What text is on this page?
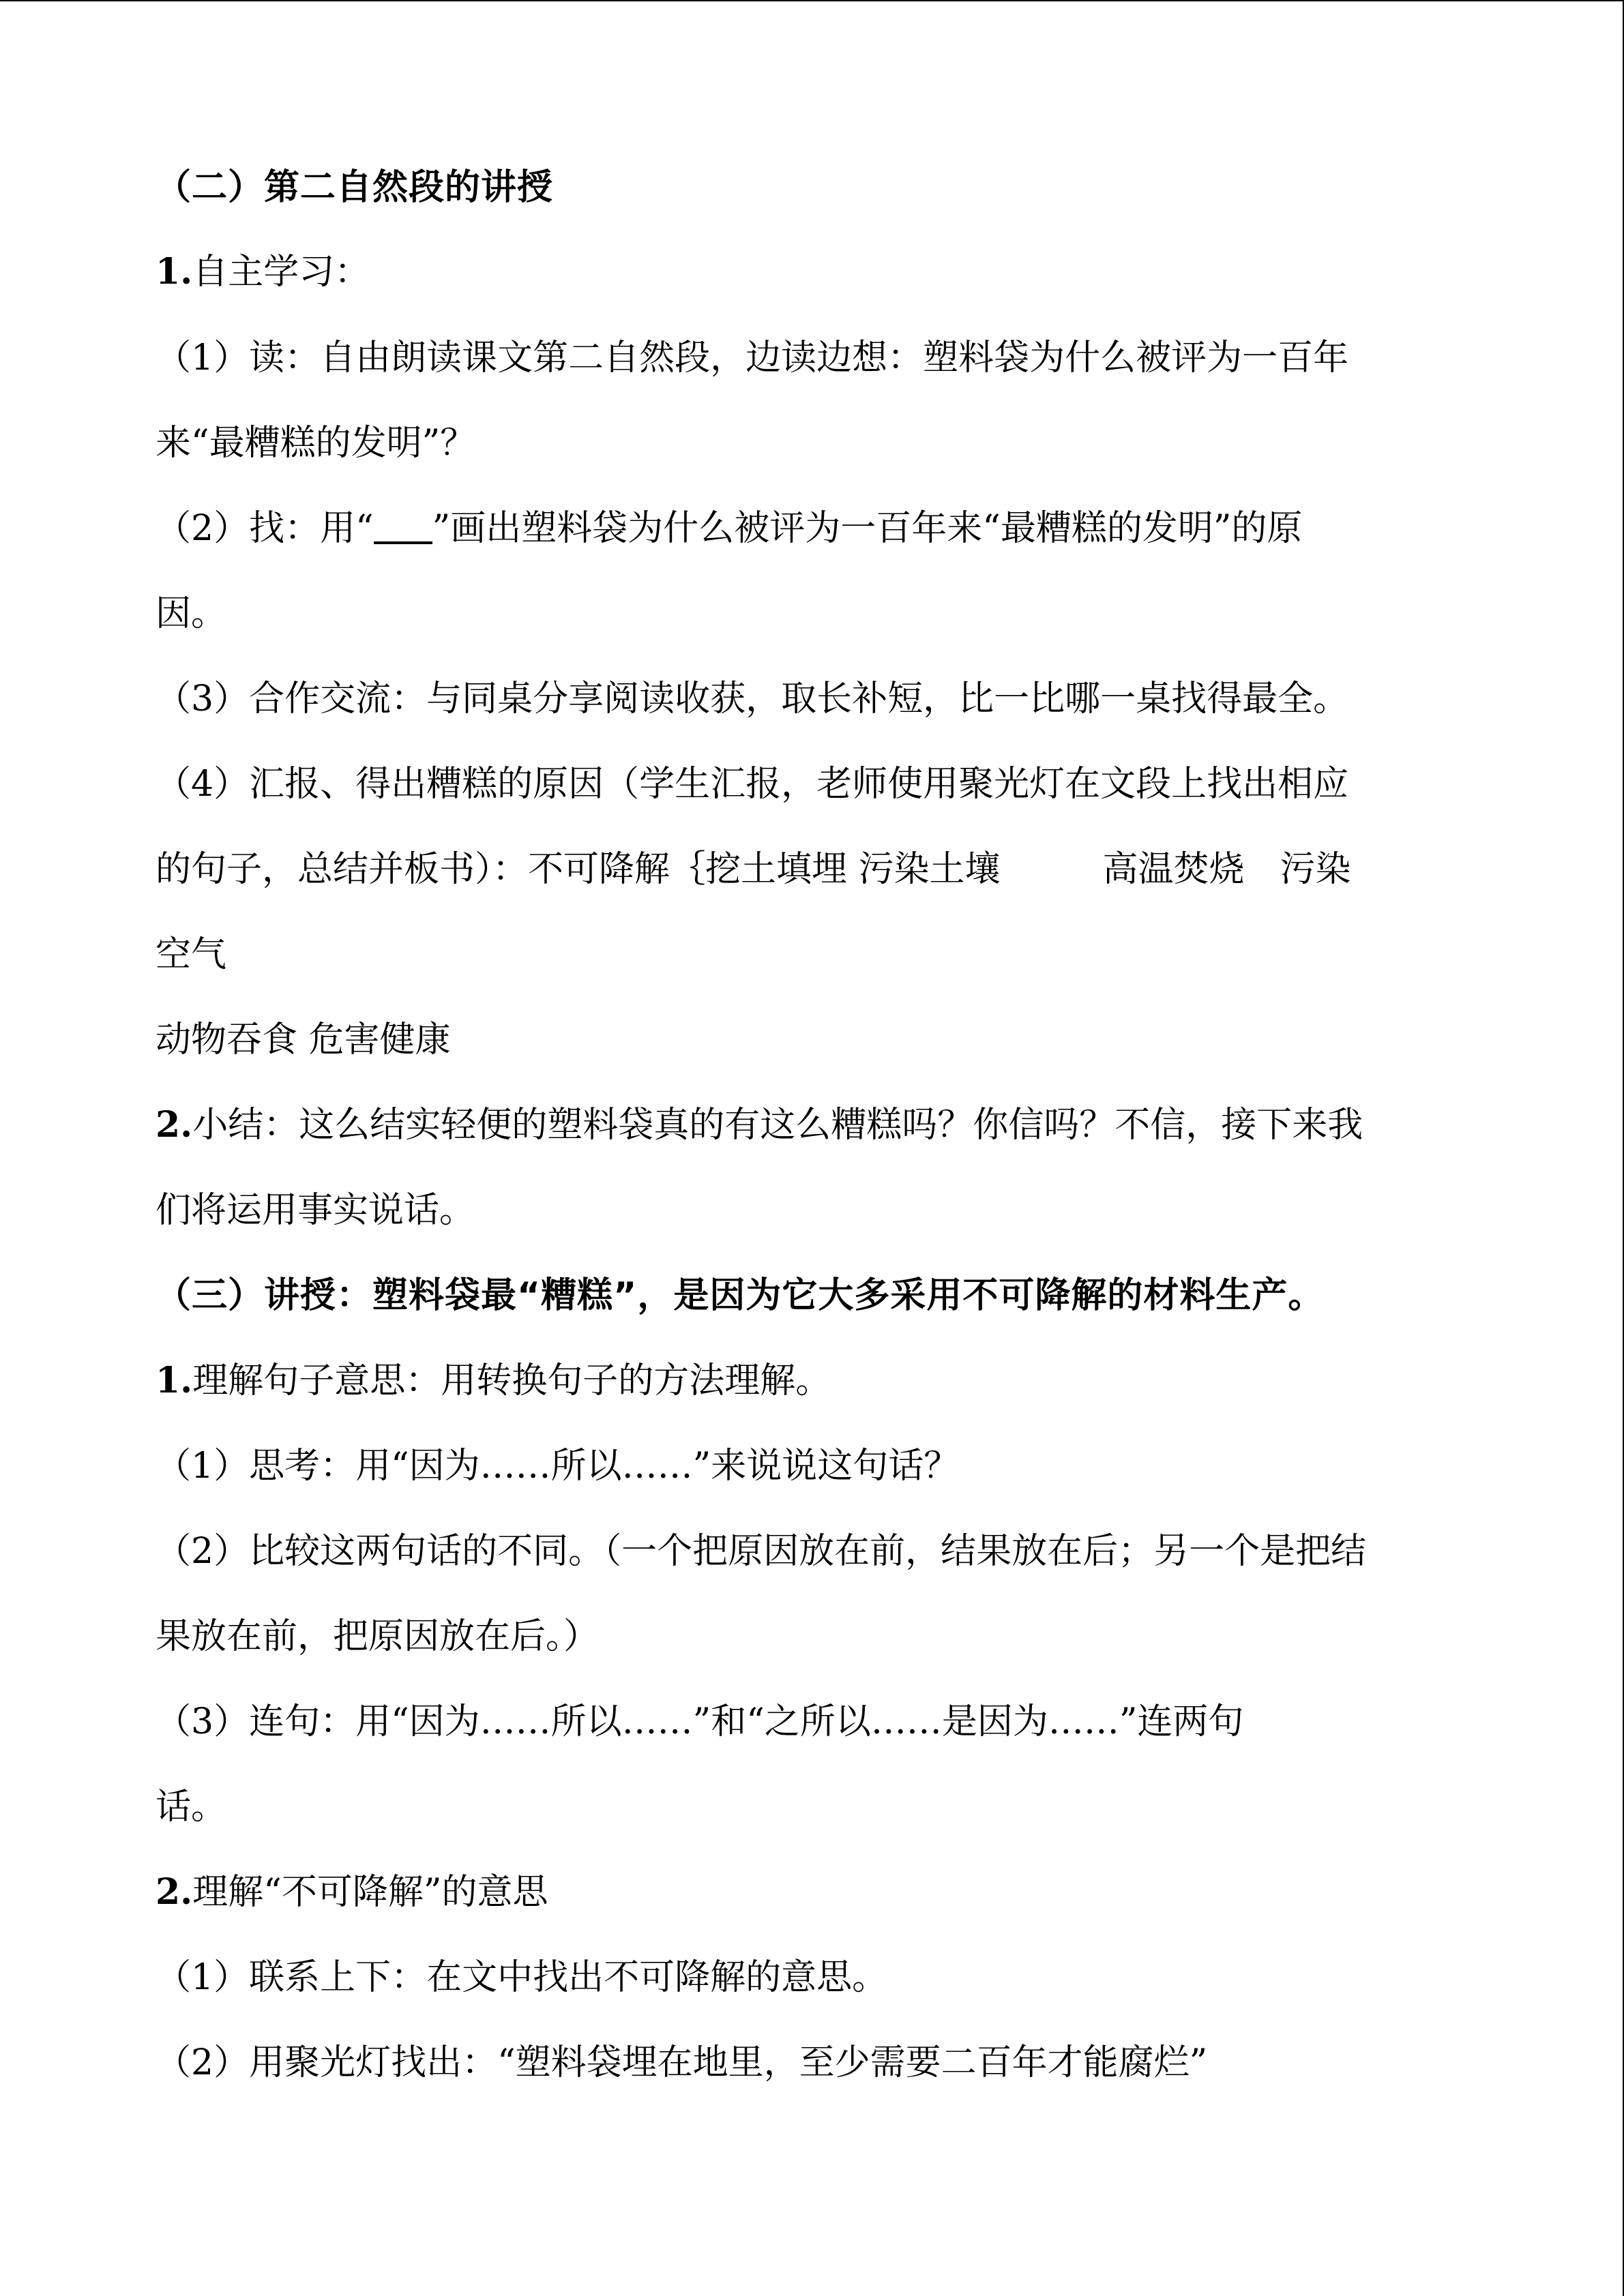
（二）第二自然段的讲授
1.自主学习：
（1）读：自由朗读课文第二自然段，边读边想：塑料袋为什么被评为一百年
来“最糟糕的发明”？
（2）找：用“ ”画出塑料袋为什么被评为一百年来“最糟糕的发明”的原
因。
（3）合作交流：与同桌分享阅读收获，取长补短，比一比哪一桌找得最全。
（4）汇报、得出糟糕的原因（学生汇报，老师使用聚光灯在文段上找出相应
的句子，总结并板书）：不可降解｛挖土填埋 污染土壤	高温焚烧 污染
空气
动物吞食 危害健康
2.小结：这么结实轻便的塑料袋真的有这么糟糕吗？你信吗？不信，接下来我
们将运用事实说话。
（三）讲授：塑料袋最“糟糕”，是因为它大多采用不可降解的材料生产。
1.理解句子意思：用转换句子的方法理解。
（1）思考：用“因为……所以……”来说说这句话？
（2）比较这两句话的不同。（一个把原因放在前，结果放在后；另一个是把结
果放在前，把原因放在后。）
（3）连句：用“因为……所以……”和“之所以……是因为……”连两句
话。
2.理解“不可降解”的意思
（1）联系上下：在文中找出不可降解的意思。
（2）用聚光灯找出：“塑料袋埋在地里，至少需要二百年才能腐烂”
